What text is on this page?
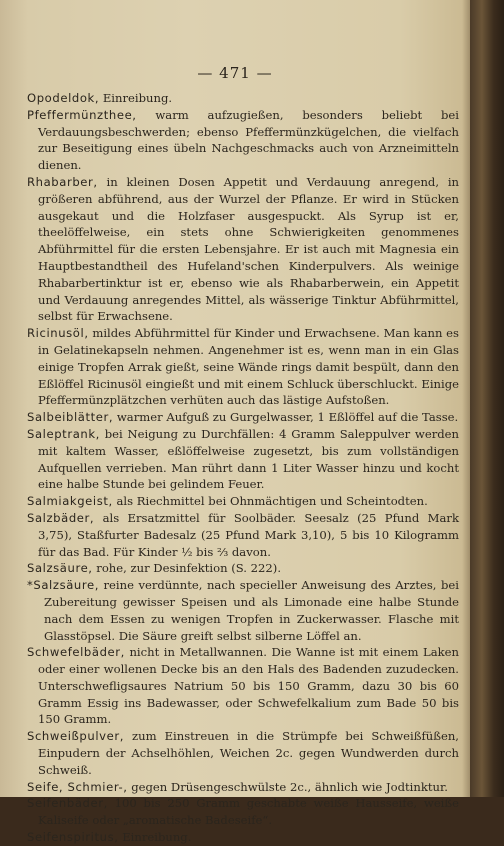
— 471 —

Opodeldok, Einreibung.

Pfeffermünzthee, warm aufzugießen, besonders beliebt bei Verdauungsbeschwerden; ebenso Pfeffermünzkügelchen, die vielfach zur Beseitigung eines übeln Nachgeschmacks auch von Arzneimitteln dienen.

Rhabarber, in kleinen Dosen Appetit und Verdauung anregend, in größeren abführend, aus der Wurzel der Pflanze. Er wird in Stücken ausgekaut und die Holzfaser ausgespuckt. Als Syrup ist er, theelöffelweise, ein stets ohne Schwierigkeiten genommenes Abführmittel für die ersten Lebensjahre. Er ist auch mit Magnesia ein Hauptbestandtheil des Hufeland'schen Kinderpulvers. Als weinige Rhabarbertinktur ist er, ebenso wie als Rhabarberwein, ein Appetit und Verdauung anregendes Mittel, als wässerige Tinktur Abführmittel, selbst für Erwachsene.

Ricinusöl, mildes Abführmittel für Kinder und Erwachsene. Man kann es in Gelatinekapseln nehmen. Angenehmer ist es, wenn man in ein Glas einige Tropfen Arrak gießt, seine Wände rings damit bespült, dann den Eßlöffel Ricinusöl eingießt und mit einem Schluck überschluckt. Einige Pfeffermünzplätzchen verhüten auch das lästige Aufstoßen.

Salbeiblätter, warmer Aufguß zu Gurgelwasser, 1 Eßlöffel auf die Tasse.

Saleptrank, bei Neigung zu Durchfällen: 4 Gramm Saleppulver werden mit kaltem Wasser, eßlöffelweise zugesetzt, bis zum vollständigen Aufquellen verrieben. Man rührt dann 1 Liter Wasser hinzu und kocht eine halbe Stunde bei gelindem Feuer.

Salmiakgeist, als Riechmittel bei Ohnmächtigen und Scheintodten.

Salzbäder, als Ersatzmittel für Soolbäder. Seesalz (25 Pfund Mark 3,75), Staßfurter Badesalz (25 Pfund Mark 3,10), 5 bis 10 Kilogramm für das Bad. Für Kinder ½ bis ⅔ davon.

Salzsäure, rohe, zur Desinfektion (S. 222).

*Salzsäure, reine verdünnte, nach specieller Anweisung des Arztes, bei Zubereitung gewisser Speisen und als Limonade eine halbe Stunde nach dem Essen zu wenigen Tropfen in Zuckerwasser. Flasche mit Glasstöpsel. Die Säure greift selbst silberne Löffel an.

Schwefelbäder, nicht in Metallwannen. Die Wanne ist mit einem Laken oder einer wollenen Decke bis an den Hals des Badenden zuzudecken. Unterschwefligsaures Natrium 50 bis 150 Gramm, dazu 30 bis 60 Gramm Essig ins Badewasser, oder Schwefelkalium zum Bade 50 bis 150 Gramm.

Schweißpulver, zum Einstreuen in die Strümpfe bei Schweißfüßen, Einpudern der Achselhöhlen, Weichen 2c. gegen Wundwerden durch Schweiß.

Seife, Schmier-, gegen Drüsengeschwülste 2c., ähnlich wie Jodtinktur.

Seifenbäder, 100 bis 250 Gramm geschabte weiße Hausseife, weiße Kaliseife oder „aromatische Badeseife“.

Seifenspiritus, Einreibung.
